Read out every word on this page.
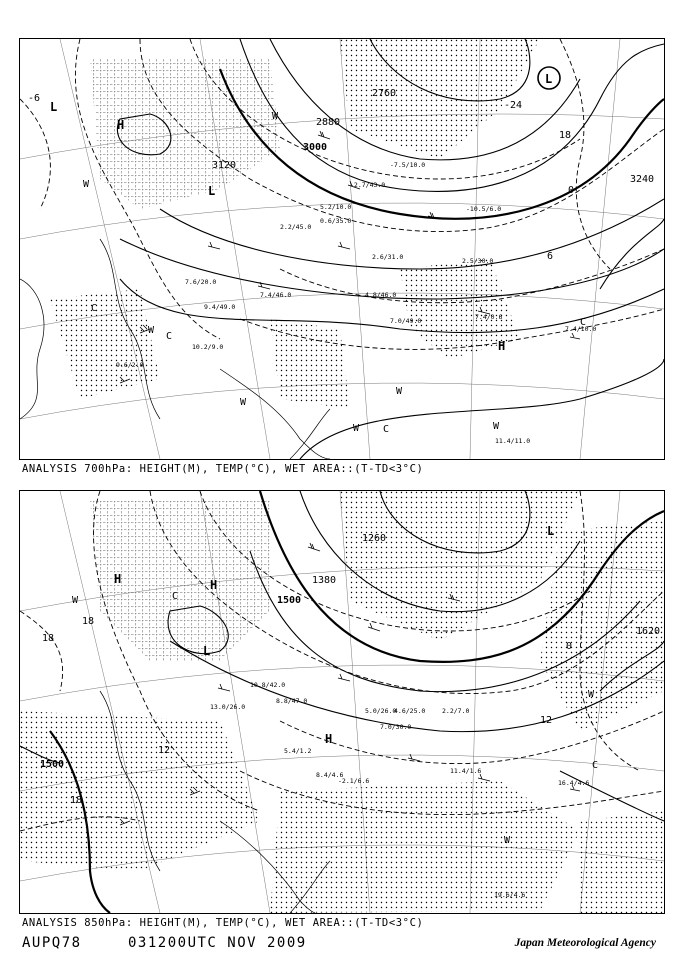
2760
2880
3000
3120
3240
L
H
L
L
H
W
W
W
W
W
W	W
C
C
C
C
-6
-24
18
0
6
2.2/45.0
5.2/10.0
-7.5/10.0
-2.7/43.0
0.6/35.0
2.6/31.0
4.8/46.0
7.4/46.0
9.4/49.0
7.0/49.0	7.4/0.6
7.4/10.0
11.4/11.0
10.2/9.0
7.6/20.0
9.6/2.0
-10.5/6.0
2.5/30.0
ANALYSIS 700hPa: HEIGHT(M), TEMP(°C), WET AREA::(T-TD<3°C)
1260
1380
1500
1620
1500
H	H
L
H
L
W
W
W
C
C
18
18
12
12
0
18
10.8/42.0
13.0/26.0
8.8/47.0
5.0/26.0
4.6/25.0
7.0/30.0
2.2/7.0
11.4/1.6
16.4/4.6
19.6/4.6
-2.1/6.6
5.4/1.2
8.4/4.6
ANALYSIS 850hPa: HEIGHT(M), TEMP(°C), WET AREA::(T-TD<3°C)
AUPQ78	031200UTC NOV 2009	Japan Meteorological Agency
